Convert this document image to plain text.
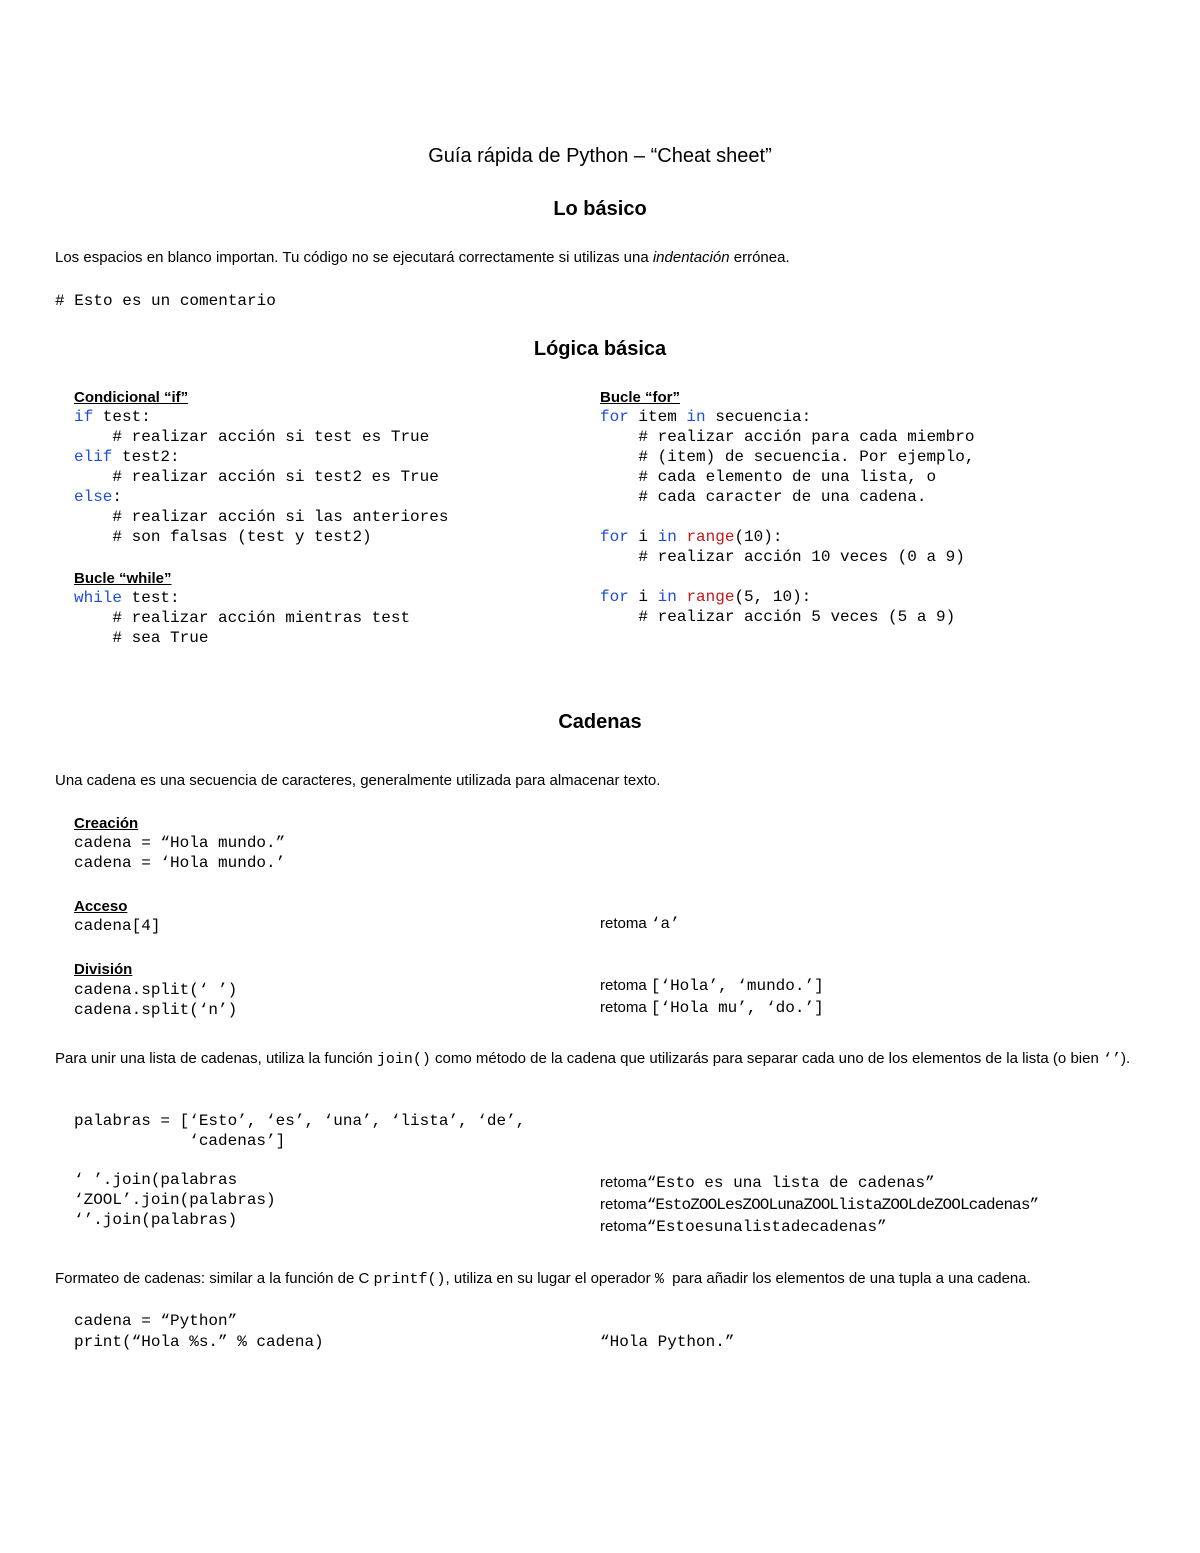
Guía rápida de Python – “Cheat sheet”
Lo básico
Los espacios en blanco importan. Tu código no se ejecutará correctamente si utilizas una indentación errónea.
# Esto es un comentario
Lógica básica
Condicional “if”
if test:
# realizar acción si test es True
elif test2:
# realizar acción si test2 es True
else:
# realizar acción si las anteriores
# son falsas (test y test2)
Bucle “while”
while test:
# realizar acción mientras test
# sea True
Bucle “for”
for item in secuencia:
# realizar acción para cada miembro
# (item) de secuencia. Por ejemplo,
# cada elemento de una lista, o
# cada caracter de una cadena.

for i in range(10):
# realizar acción 10 veces (0 a 9)

for i in range(5, 10):
# realizar acción 5 veces (5 a 9)
Cadenas
Una cadena es una secuencia de caracteres, generalmente utilizada para almacenar texto.
Creación
cadena = “Hola mundo.”
cadena = ‘Hola mundo.’
Acceso
cadena[4]	retoma ‘a’
División
cadena.split(‘ ’)
cadena.split(‘n’)
retoma [‘Hola’, ‘mundo.’]
retoma [‘Hola mu’, ‘do.’]
Para unir una lista de cadenas, utiliza la función join() como método de la cadena que utilizarás para separar cada uno de los elementos de la lista (o bien ‘’).
palabras = [‘Esto’, ‘es’, ‘una’, ‘lista’, ‘de’,
‘cadenas’]
‘ ’.join(palabras
‘ZOOL’.join(palabras)
‘’.join(palabras)
retoma“Esto es una lista de cadenas”
retoma“EstoZOOLesZOOLunaZOOLlistaZOOLdeZOOLcadenas”
retoma“Estoesunalistadecadenas”
Formateo de cadenas: similar a la función de C printf(), utiliza en su lugar el operador %  para añadir los elementos de una tupla a una cadena.
cadena = “Python”
print(“Hola %s.” % cadena)	“Hola Python.”
